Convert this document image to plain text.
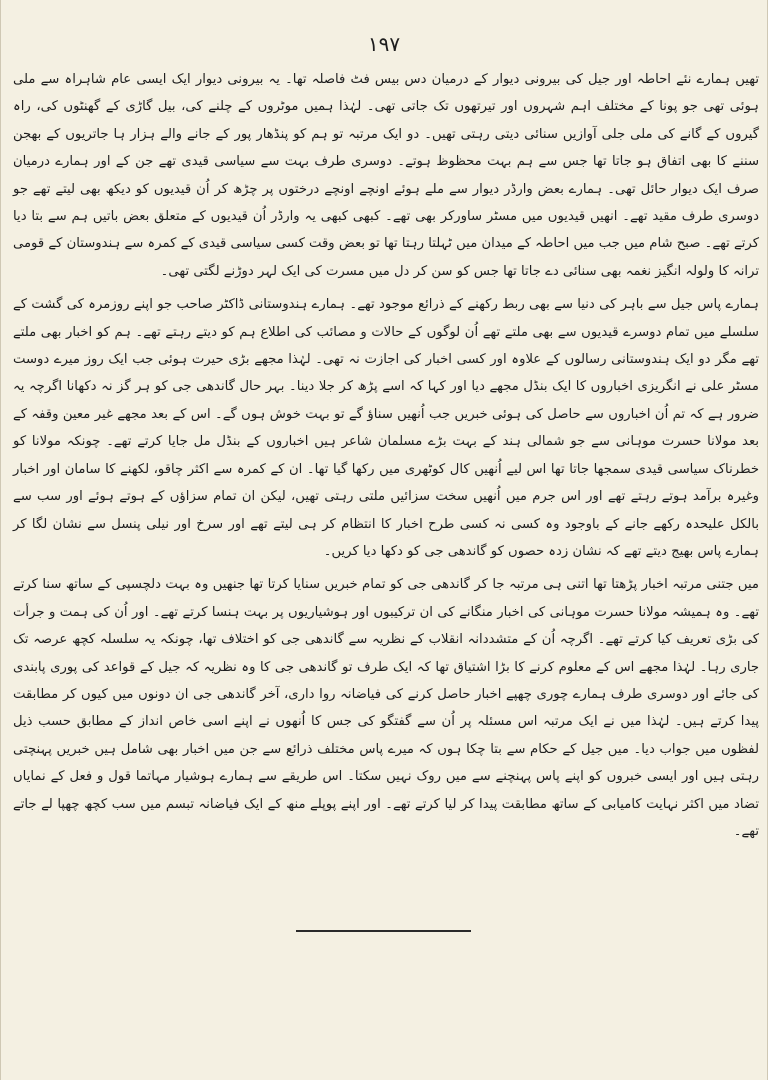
١٩٧

تھیں ہمارے نئے احاطہ اور جیل کی بیرونی دیوار کے درمیان دس بیس فٹ فاصلہ تھا۔ یہ بیرونی دیوار ایک ایسی عام شاہراہ سے ملی ہوئی تھی جو پونا کے مختلف اہم شہروں اور تیرتھوں تک جاتی تھی۔ لہٰذا ہمیں موٹروں کے چلنے کی، بیل گاڑی کے گھنٹوں کی، راہ گیروں کے گانے کی ملی جلی آوازیں سنائی دیتی رہتی تھیں۔ دو ایک مرتبہ تو ہم کو پنڈھار پور کے جانے والے ہزار ہا جاتریوں کے بھجن سننے کا بھی اتفاق ہو جاتا تھا جس سے ہم بہت محظوظ ہوتے۔ دوسری طرف بہت سے سیاسی قیدی تھے جن کے اور ہمارے درمیان صرف ایک دیوار حائل تھی۔ ہمارے بعض وارڈر دیوار سے ملے ہوئے اونچے اونچے درختوں پر چڑھ کر اُن قیدیوں کو دیکھ بھی لیتے تھے جو دوسری طرف مقید تھے۔ انھیں قیدیوں میں مسٹر ساورکر بھی تھے۔ کبھی کبھی یہ وارڈر اُن قیدیوں کے متعلق بعض باتیں ہم سے بتا دیا کرتے تھے۔ صبح شام میں جب میں احاطہ کے میدان میں ٹہلتا رہتا تھا تو بعض وقت کسی سیاسی قیدی کے کمرہ سے ہندوستان کے قومی ترانہ کا ولولہ انگیز نغمہ بھی سنائی دے جاتا تھا جس کو سن کر دل میں مسرت کی ایک لہر دوڑنے لگتی تھی۔

ہمارے پاس جیل سے باہر کی دنیا سے بھی ربط رکھنے کے ذرائع موجود تھے۔ ہمارے ہندوستانی ڈاکٹر صاحب جو اپنے روزمرہ کی گشت کے سلسلے میں تمام دوسرے قیدیوں سے بھی ملتے تھے اُن لوگوں کے حالات و مصائب کی اطلاع ہم کو دیتے رہتے تھے۔ ہم کو اخبار بھی ملتے تھے مگر دو ایک ہندوستانی رسالوں کے علاوہ اور کسی اخبار کی اجازت نہ تھی۔ لہٰذا مجھے بڑی حیرت ہوئی جب ایک روز میرے دوست مسٹر علی نے انگریزی اخباروں کا ایک بنڈل مجھے دیا اور کہا کہ اسے پڑھ کر جلا دینا۔ بہر حال گاندھی جی کو ہر گز نہ دکھانا اگرچہ یہ ضرور ہے کہ تم اُن اخباروں سے حاصل کی ہوئی خبریں جب اُنھیں سناؤ گے تو بہت خوش ہوں گے۔ اس کے بعد مجھے غیر معین وقفہ کے بعد مولانا حسرت موہانی سے جو شمالی ہند کے بہت بڑے مسلمان شاعر ہیں اخباروں کے بنڈل مل جایا کرتے تھے۔ چونکہ مولانا کو خطرناک سیاسی قیدی سمجھا جاتا تھا اس لیے اُنھیں کال کوٹھری میں رکھا گیا تھا۔ ان کے کمرہ سے اکثر چاقو، لکھنے کا سامان اور اخبار وغیرہ برآمد ہوتے رہتے تھے اور اس جرم میں اُنھیں سخت سزائیں ملتی رہتی تھیں، لیکن ان تمام سزاؤں کے ہوتے ہوئے اور سب سے بالکل علیحدہ رکھے جانے کے باوجود وہ کسی نہ کسی طرح اخبار کا انتظام کر ہی لیتے تھے اور سرخ اور نیلی پنسل سے نشان لگا کر ہمارے پاس بھیج دیتے تھے کہ نشان زدہ حصوں کو گاندھی جی کو دکھا دیا کریں۔

میں جتنی مرتبہ اخبار پڑھتا تھا اتنی ہی مرتبہ جا کر گاندھی جی کو تمام خبریں سنایا کرتا تھا جنھیں وہ بہت دلچسپی کے ساتھ سنا کرتے تھے۔ وہ ہمیشہ مولانا حسرت موہانی کی اخبار منگانے کی ان ترکیبوں اور ہوشیاریوں پر بہت ہنسا کرتے تھے۔ اور اُن کی ہمت و جرأت کی بڑی تعریف کیا کرتے تھے۔ اگرچہ اُن کے متشددانہ انقلاب کے نظریہ سے گاندھی جی کو اختلاف تھا، چونکہ یہ سلسلہ کچھ عرصہ تک جاری رہا۔ لہٰذا مجھے اس کے معلوم کرنے کا بڑا اشتیاق تھا کہ ایک طرف تو گاندھی جی کا وہ نظریہ کہ جیل کے قواعد کی پوری پابندی کی جائے اور دوسری طرف ہمارے چوری چھپے اخبار حاصل کرنے کی فیاضانہ روا داری، آخر گاندھی جی ان دونوں میں کیوں کر مطابقت پیدا کرتے ہیں۔ لہٰذا میں نے ایک مرتبہ اس مسئلہ پر اُن سے گفتگو کی جس کا اُنھوں نے اپنے اسی خاص انداز کے مطابق حسب ذیل لفظوں میں جواب دیا۔ میں جیل کے حکام سے بتا چکا ہوں کہ میرے پاس مختلف ذرائع سے جن میں اخبار بھی شامل ہیں خبریں پہنچتی رہتی ہیں اور ایسی خبروں کو اپنے پاس پہنچنے سے میں روک نہیں سکتا۔ اس طریقے سے ہمارے ہوشیار مہاتما قول و فعل کے نمایاں تضاد میں اکثر نہایت کامیابی کے ساتھ مطابقت پیدا کر لیا کرتے تھے۔ اور اپنے پوپلے منھ کے ایک فیاضانہ تبسم میں سب کچھ چھپا لے جاتے تھے۔
